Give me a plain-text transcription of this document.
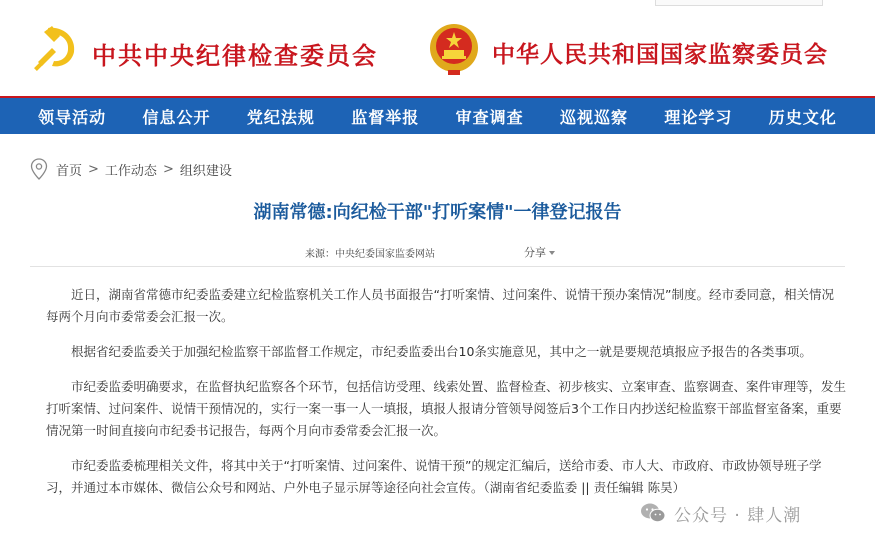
中共中央纪律检查委员会	中华人民共和国国家监察委员会
领导活动 信息公开 党纪法规 监督举报 审查调查 巡视巡察 理论学习 历史文化
首页 > 工作动态 > 组织建设
湖南常德:向纪检干部"打听案情"一律登记报告
来源：中央纪委国家监委网站	分享

近日，湖南省常德市纪委监委建立纪检监察机关工作人员书面报告“打听案情、过问案件、说情干预办案情况”制度。经市委同意，相关情况每两个月向市委常委会汇报一次。

根据省纪委监委关于加强纪检监察干部监督工作规定，市纪委监委出台10条实施意见，其中之一就是要规范填报应予报告的各类事项。

市纪委监委明确要求，在监督执纪监察各个环节，包括信访受理、线索处置、监督检查、初步核实、立案审查、监察调查、案件审理等，发生打听案情、过问案件、说情干预情况的，实行一案一事一人一填报，填报人报请分管领导阅签后3个工作日内抄送纪检监察干部监督室备案，重要情况第一时间直接向市纪委书记报告，每两个月向市委常委会汇报一次。

市纪委监委梳理相关文件，将其中关于“打听案情、过问案件、说情干预”的规定汇编后，送给市委、市人大、市政府、市政协领导班子学习，并通过本市媒体、微信公众号和网站、户外电子显示屏等途径向社会宣传。（湖南省纪委监委 || 责任编辑 陈昊）

公众号 · 肆人潮
